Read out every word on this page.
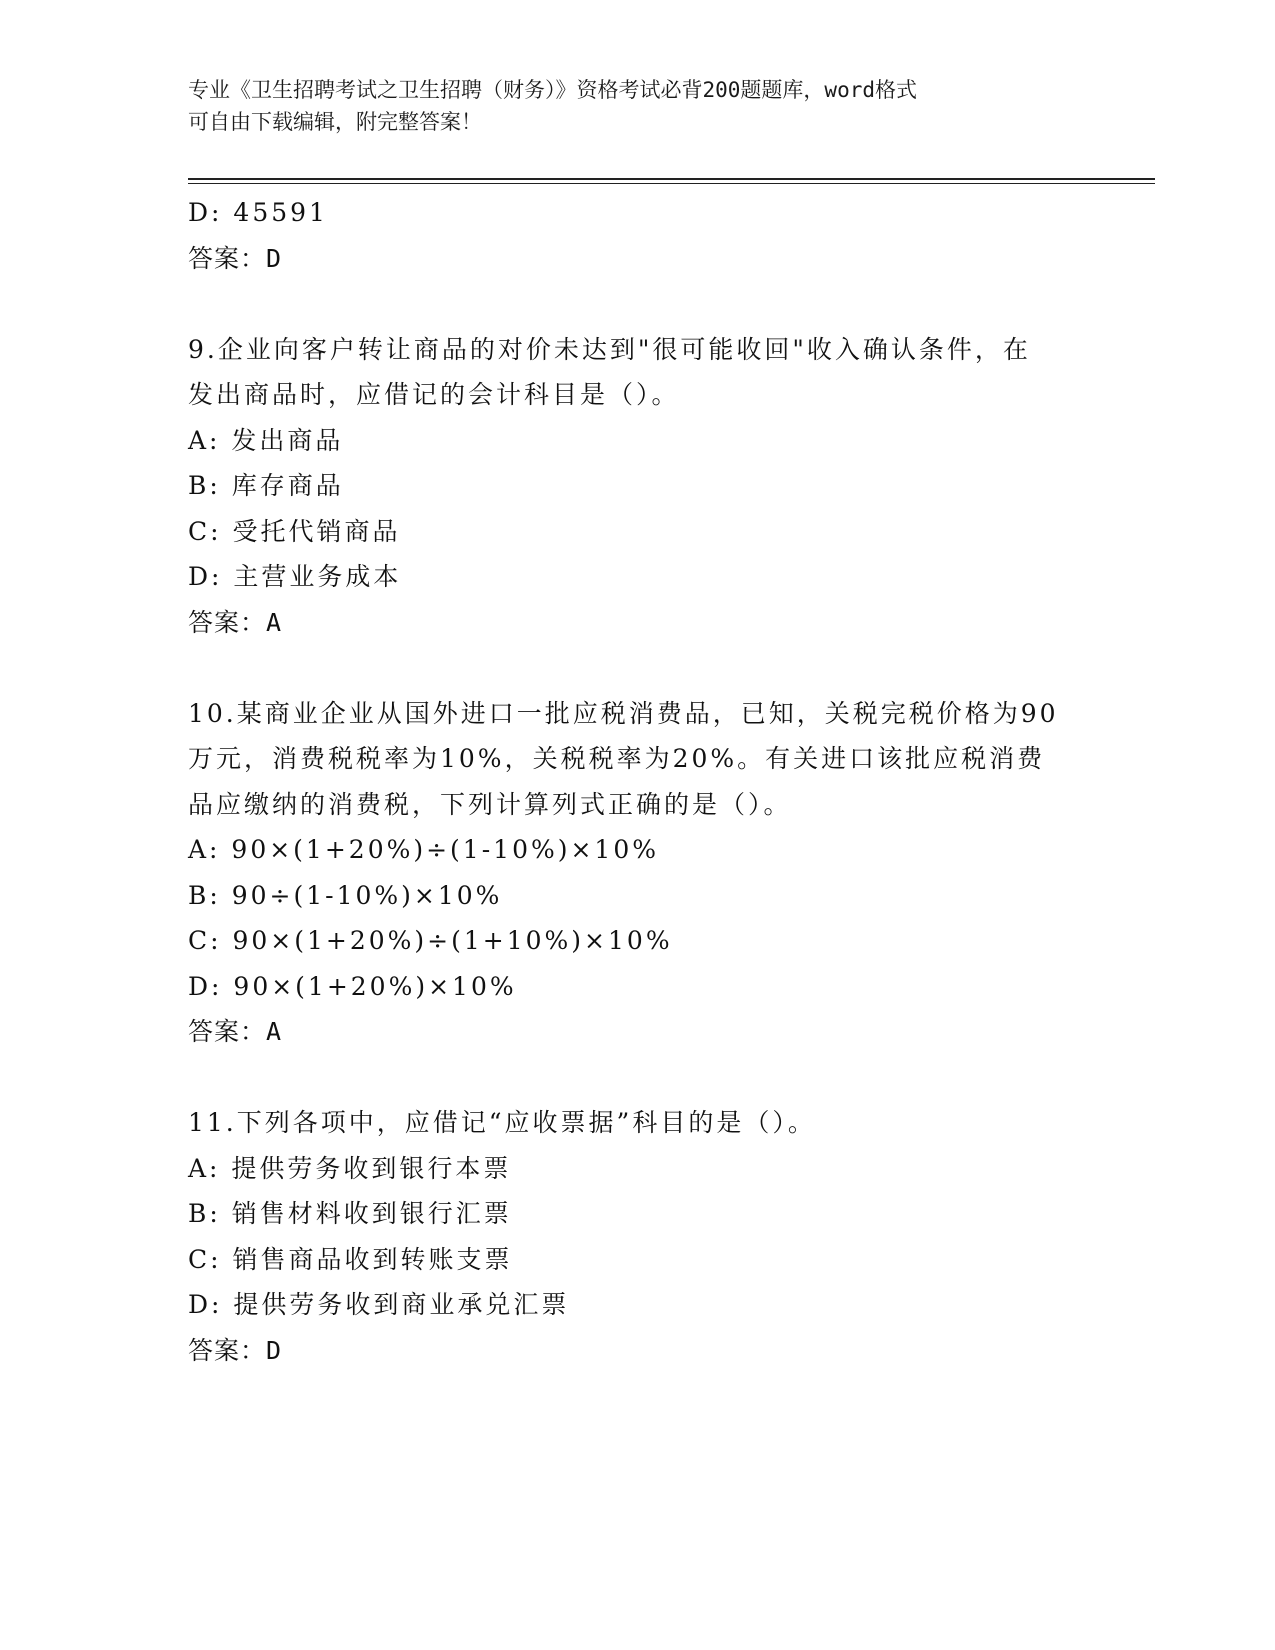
专业《卫生招聘考试之卫生招聘（财务）》资格考试必背200题题库，word格式
可自由下载编辑，附完整答案！
D: 45591
答案：D
9.企业向客户转让商品的对价未达到"很可能收回"收入确认条件，在
发出商品时，应借记的会计科目是（）。
A: 发出商品
B: 库存商品
C: 受托代销商品
D: 主营业务成本
答案：A
10.某商业企业从国外进口一批应税消费品，已知，关税完税价格为90
万元，消费税税率为10%，关税税率为20%。有关进口该批应税消费
品应缴纳的消费税，下列计算列式正确的是（）。
A: 90×(1+20%)÷(1-10%)×10%
B: 90÷(1-10%)×10%
C: 90×(1+20%)÷(1+10%)×10%
D: 90×(1+20%)×10%
答案：A
11.下列各项中，应借记“应收票据”科目的是（）。
A: 提供劳务收到银行本票
B: 销售材料收到银行汇票
C: 销售商品收到转账支票
D: 提供劳务收到商业承兑汇票
答案：D
